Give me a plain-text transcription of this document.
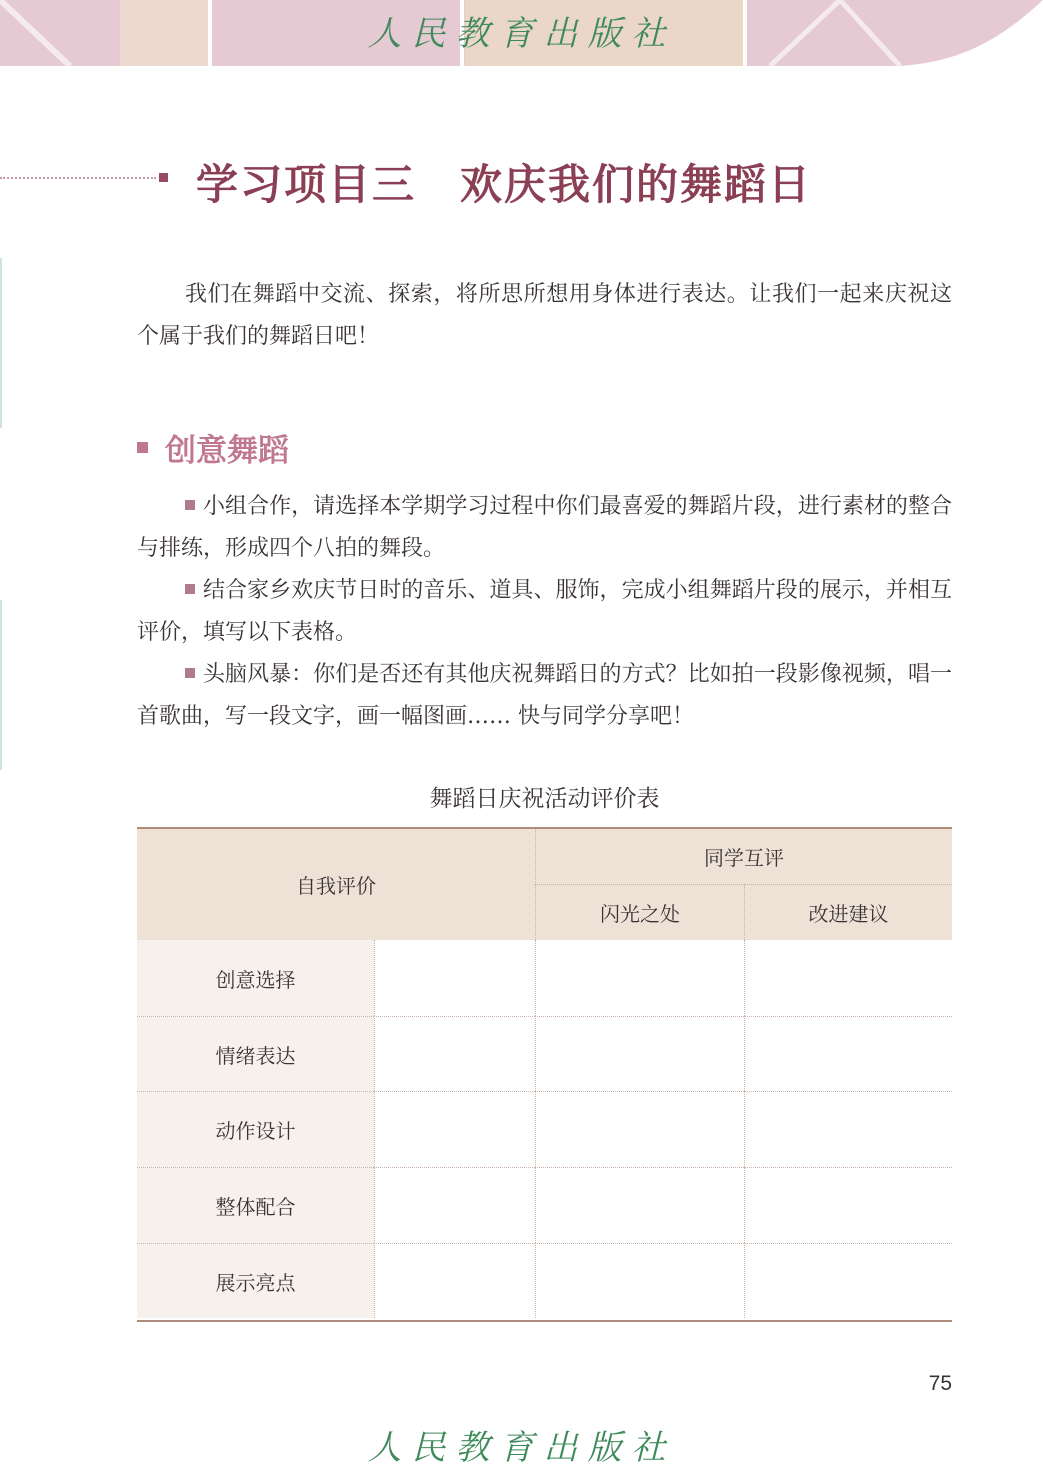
人民教育出版社
学习项目三　欢庆我们的舞蹈日
我们在舞蹈中交流、探索，将所思所想用身体进行表达。让我们一起来庆祝这个属于我们的舞蹈日吧！
创意舞蹈

小组合作，请选择本学期学习过程中你们最喜爱的舞蹈片段，进行素材的整合与排练，形成四个八拍的舞段。

结合家乡欢庆节日时的音乐、道具、服饰，完成小组舞蹈片段的展示，并相互评价，填写以下表格。

头脑风暴：你们是否还有其他庆祝舞蹈日的方式？比如拍一段影像视频，唱一首歌曲，写一段文字，画一幅图画…… 快与同学分享吧！

舞蹈日庆祝活动评价表
自我评价
同学互评
闪光之处	改进建议
创意选择
情绪表达
动作设计
整体配合
展示亮点
75
人民教育出版社
